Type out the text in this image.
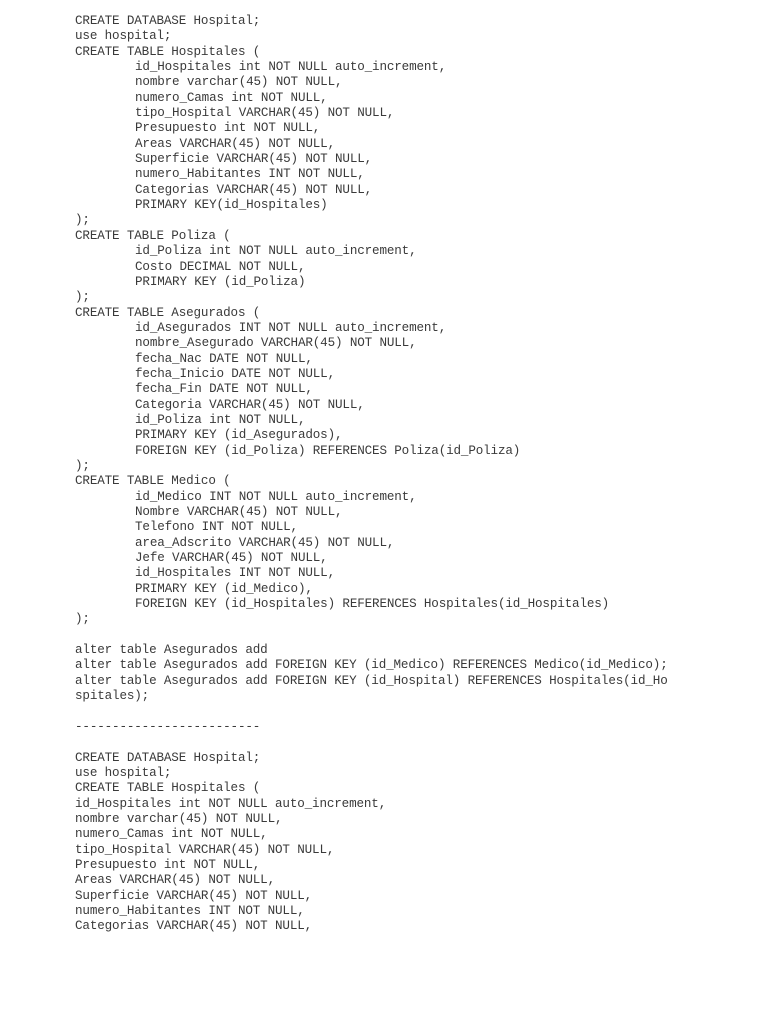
CREATE DATABASE Hospital;
use hospital;
CREATE TABLE Hospitales (
id_Hospitales int NOT NULL auto_increment,
nombre varchar(45) NOT NULL,
numero_Camas int NOT NULL,
tipo_Hospital VARCHAR(45) NOT NULL,
Presupuesto int NOT NULL,
Areas VARCHAR(45) NOT NULL,
Superficie VARCHAR(45) NOT NULL,
numero_Habitantes INT NOT NULL,
Categorias VARCHAR(45) NOT NULL,
PRIMARY KEY(id_Hospitales)
);
CREATE TABLE Poliza (
id_Poliza int NOT NULL auto_increment,
Costo DECIMAL NOT NULL,
PRIMARY KEY (id_Poliza)
);
CREATE TABLE Asegurados (
id_Asegurados INT NOT NULL auto_increment,
nombre_Asegurado VARCHAR(45) NOT NULL,
fecha_Nac DATE NOT NULL,
fecha_Inicio DATE NOT NULL,
fecha_Fin DATE NOT NULL,
Categoria VARCHAR(45) NOT NULL,
id_Poliza int NOT NULL,
PRIMARY KEY (id_Asegurados),
FOREIGN KEY (id_Poliza) REFERENCES Poliza(id_Poliza)
);
CREATE TABLE Medico (
id_Medico INT NOT NULL auto_increment,
Nombre VARCHAR(45) NOT NULL,
Telefono INT NOT NULL,
area_Adscrito VARCHAR(45) NOT NULL,
Jefe VARCHAR(45) NOT NULL,
id_Hospitales INT NOT NULL,
PRIMARY KEY (id_Medico),
FOREIGN KEY (id_Hospitales) REFERENCES Hospitales(id_Hospitales)
);
alter table Asegurados add
alter table Asegurados add FOREIGN KEY (id_Medico) REFERENCES Medico(id_Medico);
alter table Asegurados add FOREIGN KEY (id_Hospital) REFERENCES Hospitales(id_Ho
spitales);
-------------------------
CREATE DATABASE Hospital;
use hospital;
CREATE TABLE Hospitales (
id_Hospitales int NOT NULL auto_increment,
nombre varchar(45) NOT NULL,
numero_Camas int NOT NULL,
tipo_Hospital VARCHAR(45) NOT NULL,
Presupuesto int NOT NULL,
Areas VARCHAR(45) NOT NULL,
Superficie VARCHAR(45) NOT NULL,
numero_Habitantes INT NOT NULL,
Categorias VARCHAR(45) NOT NULL,
